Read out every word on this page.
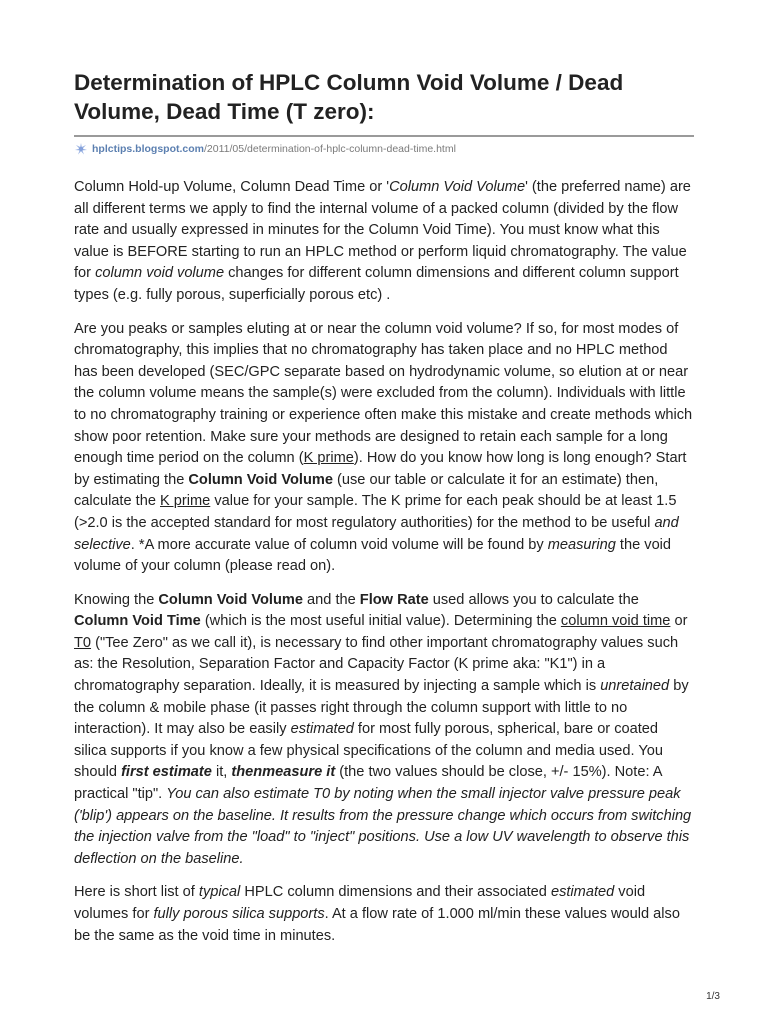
Determination of HPLC Column Void Volume / Dead Volume, Dead Time (T zero):
hplctips.blogspot.com /2011/05/determination-of-hplc-column-dead-time.html

Column Hold-up Volume, Column Dead Time or 'Column Void Volume' (the preferred name) are all different terms we apply to find the internal volume of a packed column (divided by the flow rate and usually expressed in minutes for the Column Void Time). You must know what this value is BEFORE starting to run an HPLC method or perform liquid chromatography. The value for column void volume changes for different column dimensions and different column support types (e.g. fully porous, superficially porous etc) .

Are you peaks or samples eluting at or near the column void volume? If so, for most modes of chromatography, this implies that no chromatography has taken place and no HPLC method has been developed (SEC/GPC separate based on hydrodynamic volume, so elution at or near the column volume means the sample(s) were excluded from the column). Individuals with little to no chromatography training or experience often make this mistake and create methods which show poor retention. Make sure your methods are designed to retain each sample for a long enough time period on the column (K prime). How do you know how long is long enough? Start by estimating the Column Void Volume (use our table or calculate it for an estimate) then, calculate the K prime value for your sample. The K prime for each peak should be at least 1.5 (>2.0 is the accepted standard for most regulatory authorities) for the method to be useful and selective. *A more accurate value of column void volume will be found by measuring the void volume of your column (please read on).

Knowing the Column Void Volume and the Flow Rate used allows you to calculate the Column Void Time (which is the most useful initial value). Determining the column void time or T0 ("Tee Zero" as we call it), is necessary to find other important chromatography values such as: the Resolution, Separation Factor and Capacity Factor (K prime aka: "K1") in a chromatography separation. Ideally, it is measured by injecting a sample which is unretained by the column & mobile phase (it passes right through the column support with little to no interaction). It may also be easily estimated for most fully porous, spherical, bare or coated silica supports if you know a few physical specifications of the column and media used. You should first estimate it, thenmeasure it (the two values should be close, +/- 15%). Note: A practical "tip". You can also estimate T0 by noting when the small injector valve pressure peak ('blip') appears on the baseline. It results from the pressure change which occurs from switching the injection valve from the "load" to "inject" positions. Use a low UV wavelength to observe this deflection on the baseline.

Here is short list of typical HPLC column dimensions and their associated estimated void volumes for fully porous silica supports. At a flow rate of 1.000 ml/min these values would also be the same as the void time in minutes.

1/3
